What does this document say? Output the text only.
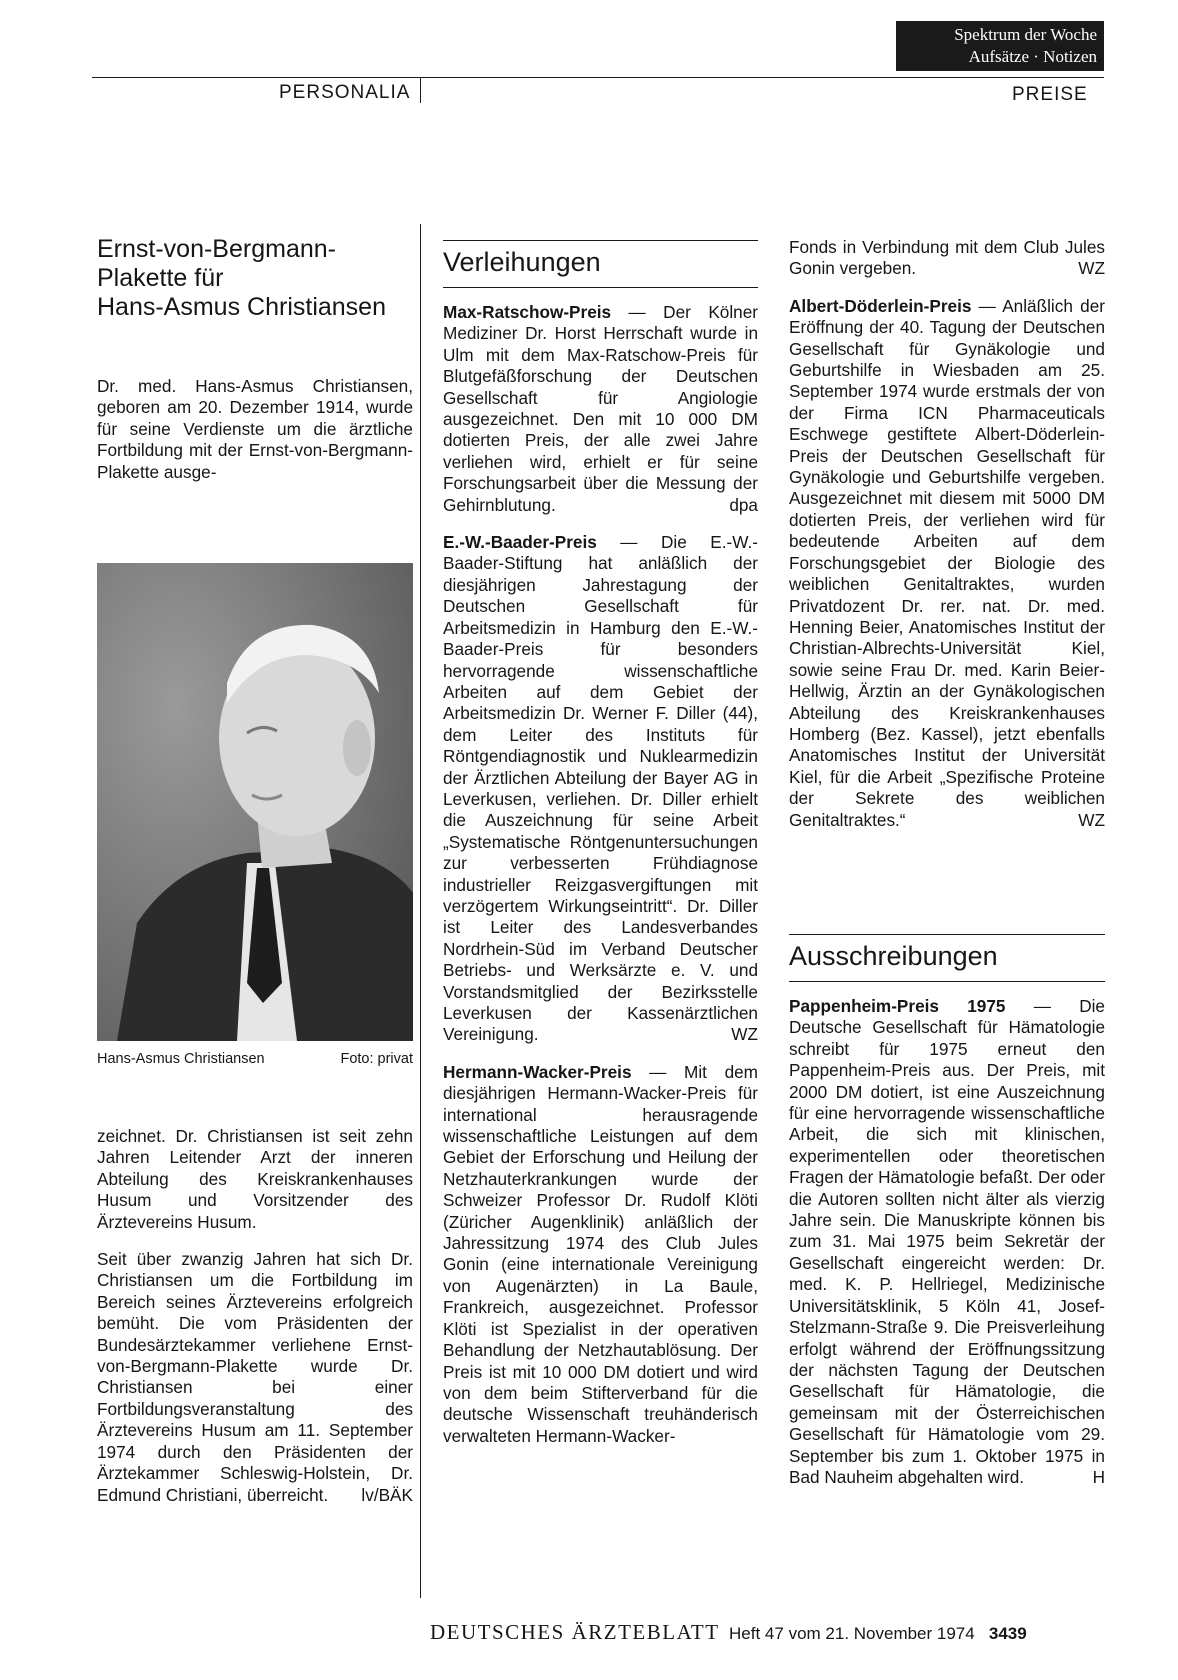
Spektrum der Woche
Aufsätze · Notizen
PERSONALIA	PREISE
Ernst-von-Bergmann-
Plakette für
Hans-Asmus Christiansen

Dr. med. Hans-Asmus Christiansen, geboren am 20. Dezember 1914, wurde für seine Verdienste um die ärztliche Fortbildung mit der Ernst-von-Bergmann-Plakette ausge-

Hans-Asmus Christiansen	Foto: privat

zeichnet. Dr. Christiansen ist seit zehn Jahren Leitender Arzt der inneren Abteilung des Kreiskrankenhauses Husum und Vorsitzender des Ärztevereins Husum.

Seit über zwanzig Jahren hat sich Dr. Christiansen um die Fortbildung im Bereich seines Ärztevereins erfolgreich bemüht. Die vom Präsidenten der Bundesärztekammer verliehene Ernst-von-Bergmann-Plakette wurde Dr. Christiansen bei einer Fortbildungsveranstaltung des Ärztevereins Husum am 11. September 1974 durch den Präsidenten der Ärztekammer Schleswig-Holstein, Dr. Edmund Christiani, überreicht. lv/BÄK

Verleihungen

Max-Ratschow-Preis — Der Kölner Mediziner Dr. Horst Herrschaft wurde in Ulm mit dem Max-Ratschow-Preis für Blutgefäßforschung der Deutschen Gesellschaft für Angiologie ausgezeichnet. Den mit 10 000 DM dotierten Preis, der alle zwei Jahre verliehen wird, erhielt er für seine Forschungsarbeit über die Messung der Gehirnblutung.	dpa

E.-W.-Baader-Preis — Die E.-W.-Baader-Stiftung hat anläßlich der diesjährigen Jahrestagung der Deutschen Gesellschaft für Arbeitsmedizin in Hamburg den E.-W.-Baader-Preis für besonders hervorragende wissenschaftliche Arbeiten auf dem Gebiet der Arbeitsmedizin Dr. Werner F. Diller (44), dem Leiter des Instituts für Röntgendiagnostik und Nuklearmedizin der Ärztlichen Abteilung der Bayer AG in Leverkusen, verliehen. Dr. Diller erhielt die Auszeichnung für seine Arbeit „Systematische Röntgenuntersuchungen zur verbesserten Frühdiagnose industrieller Reizgasvergiftungen mit verzögertem Wirkungseintritt“. Dr. Diller ist Leiter des Landesverbandes Nordrhein-Süd im Verband Deutscher Betriebs- und Werksärzte e. V. und Vorstandsmitglied der Bezirksstelle Leverkusen der Kassenärztlichen Vereinigung.	WZ

Hermann-Wacker-Preis — Mit dem diesjährigen Hermann-Wacker-Preis für international herausragende wissenschaftliche Leistungen auf dem Gebiet der Erforschung und Heilung der Netzhauterkrankungen wurde der Schweizer Professor Dr. Rudolf Klöti (Züricher Augenklinik) anläßlich der Jahressitzung 1974 des Club Jules Gonin (eine internationale Vereinigung von Augenärzten) in La Baule, Frankreich, ausgezeichnet. Professor Klöti ist Spezialist in der operativen Behandlung der Netzhautablösung. Der Preis ist mit 10 000 DM dotiert und wird von dem beim Stifterverband für die deutsche Wissenschaft treuhänderisch verwalteten Hermann-Wacker-

Fonds in Verbindung mit dem Club Jules Gonin vergeben.	WZ

Albert-Döderlein-Preis — Anläßlich der Eröffnung der 40. Tagung der Deutschen Gesellschaft für Gynäkologie und Geburtshilfe in Wiesbaden am 25. September 1974 wurde erstmals der von der Firma ICN Pharmaceuticals Eschwege gestiftete Albert-Döderlein-Preis der Deutschen Gesellschaft für Gynäkologie und Geburtshilfe vergeben. Ausgezeichnet mit diesem mit 5000 DM dotierten Preis, der verliehen wird für bedeutende Arbeiten auf dem Forschungsgebiet der Biologie des weiblichen Genitaltraktes, wurden Privatdozent Dr. rer. nat. Dr. med. Henning Beier, Anatomisches Institut der Christian-Albrechts-Universität Kiel, sowie seine Frau Dr. med. Karin Beier-Hellwig, Ärztin an der Gynäkologischen Abteilung des Kreiskrankenhauses Homberg (Bez. Kassel), jetzt ebenfalls Anatomisches Institut der Universität Kiel, für die Arbeit „Spezifische Proteine der Sekrete des weiblichen Genitaltraktes.“	WZ

Ausschreibungen

Pappenheim-Preis 1975 — Die Deutsche Gesellschaft für Hämatologie schreibt für 1975 erneut den Pappenheim-Preis aus. Der Preis, mit 2000 DM dotiert, ist eine Auszeichnung für eine hervorragende wissenschaftliche Arbeit, die sich mit klinischen, experimentellen oder theoretischen Fragen der Hämatologie befaßt. Der oder die Autoren sollten nicht älter als vierzig Jahre sein. Die Manuskripte können bis zum 31. Mai 1975 beim Sekretär der Gesellschaft eingereicht werden: Dr. med. K. P. Hellriegel, Medizinische Universitätsklinik, 5 Köln 41, Josef-Stelzmann-Straße 9. Die Preisverleihung erfolgt während der Eröffnungssitzung der nächsten Tagung der Deutschen Gesellschaft für Hämatologie, die gemeinsam mit der Österreichischen Gesellschaft für Hämatologie vom 29. September bis zum 1. Oktober 1975 in Bad Nauheim abgehalten wird.	H

DEUTSCHES ÄRZTEBLATT Heft 47 vom 21. November 1974 3439
